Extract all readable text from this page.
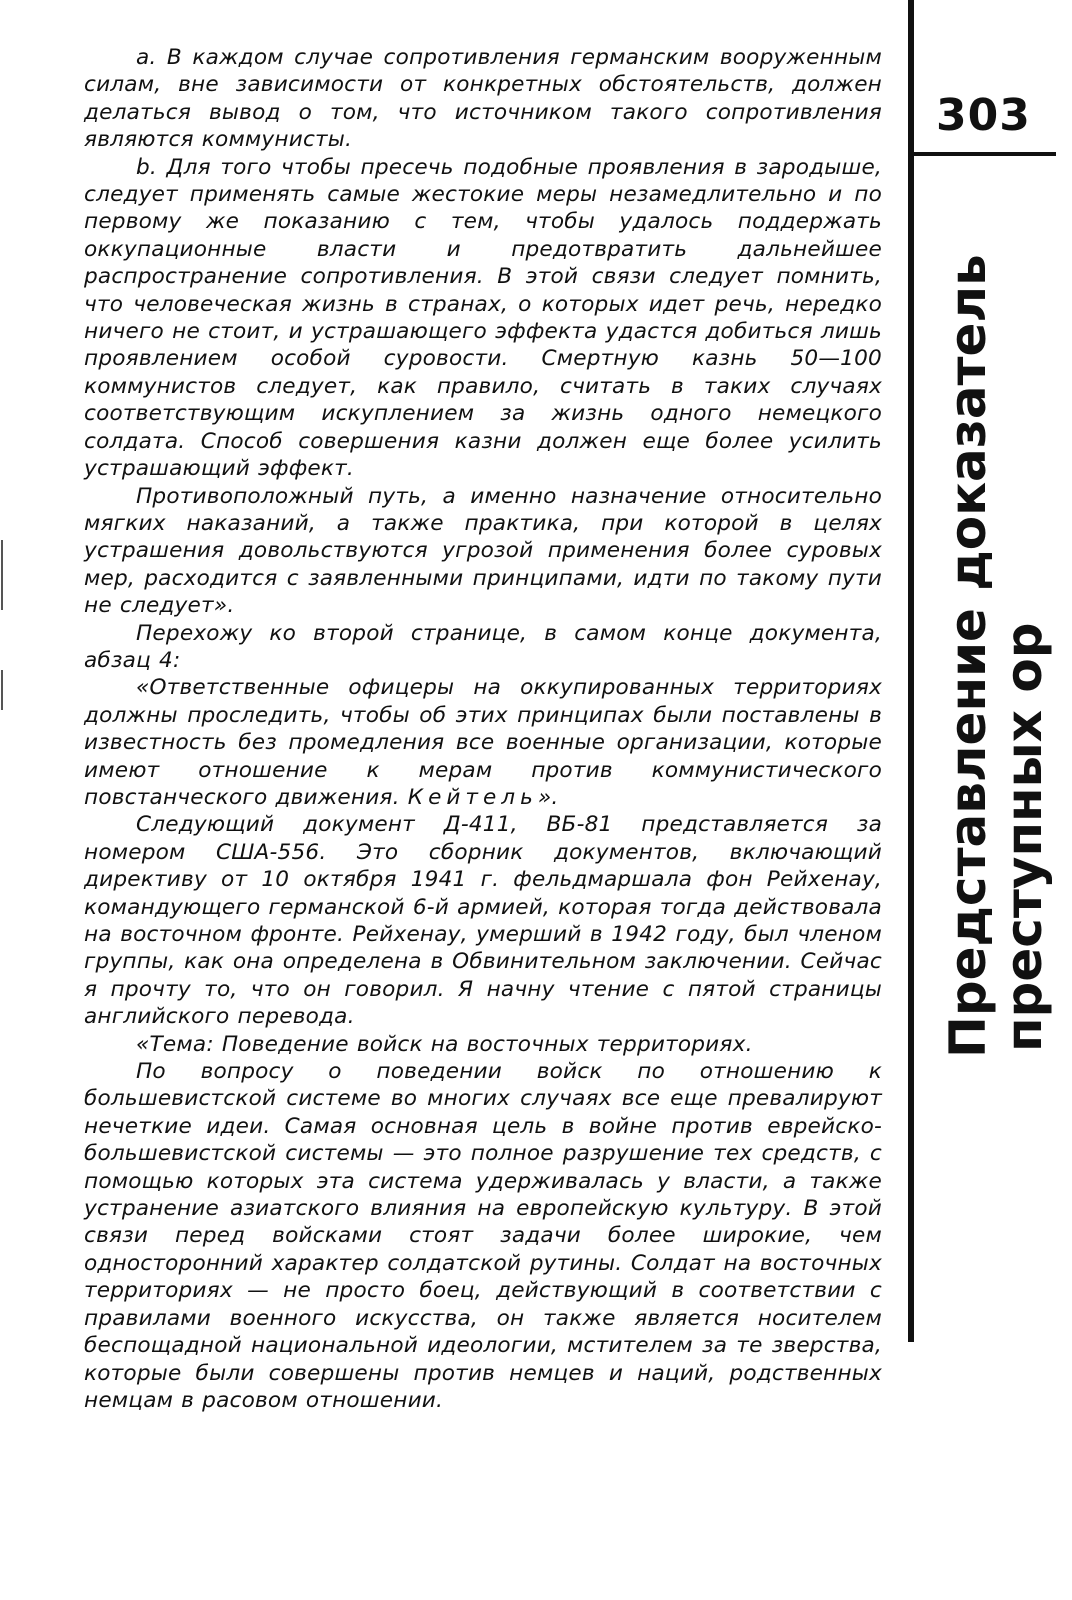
a. В каждом случае сопротивления германским вооруженным силам, вне зависимости от конкретных обстоятельств, должен делаться вывод о том, что источником такого сопротивления являются коммунисты.

b. Для того чтобы пресечь подобные проявления в зародыше, следует применять самые жестокие меры незамедлительно и по первому же показанию с тем, чтобы удалось поддержать оккупационные власти и предотвратить дальнейшее распространение сопротивления. В этой связи следует помнить, что человеческая жизнь в странах, о которых идет речь, нередко ничего не стоит, и устрашающего эффекта удастся добиться лишь проявлением особой суровости. Смертную казнь 50—100 коммунистов следует, как правило, считать в таких случаях соответствующим искуплением за жизнь одного немецкого солдата. Способ совершения казни должен еще более усилить устрашающий эффект.

Противоположный путь, а именно назначение относительно мягких наказаний, а также практика, при которой в целях устрашения довольствуются угрозой применения более суровых мер, расходится с заявленными принципами, идти по такому пути не следует».

Перехожу ко второй странице, в самом конце документа, абзац 4:

«Ответственные офицеры на оккупированных территориях должны проследить, чтобы об этих принципах были поставлены в известность без промедления все военные организации, которые имеют отношение к мерам против коммунистического повстанческого движения. Кейтель».

Следующий документ Д-411, ВБ-81 представляется за номером США-556. Это сборник документов, включающий директиву от 10 октября 1941 г. фельдмаршала фон Рейхенау, командующего германской 6-й армией, которая тогда действовала на восточном фронте. Рейхенау, умерший в 1942 году, был членом группы, как она определена в Обвинительном заключении. Сейчас я прочту то, что он говорил. Я начну чтение с пятой страницы английского перевода.

«Тема: Поведение войск на восточных территориях.

По вопросу о поведении войск по отношению к большевистской системе во многих случаях все еще превалируют нечеткие идеи. Самая основная цель в войне против еврейско-большевистской системы — это полное разрушение тех средств, с помощью которых эта система удерживалась у власти, а также устранение азиатского влияния на европейскую культуру. В этой связи перед войсками стоят задачи более широкие, чем односторонний характер солдатской рутины. Солдат на восточных территориях — не просто боец, действующий в соответствии с правилами военного искусства, он также является носителем беспощадной национальной идеологии, мстителем за те зверства, которые были совершены против немцев и наций, родственных немцам в расовом отношении.

303
Представление доказатель
преступных ор
